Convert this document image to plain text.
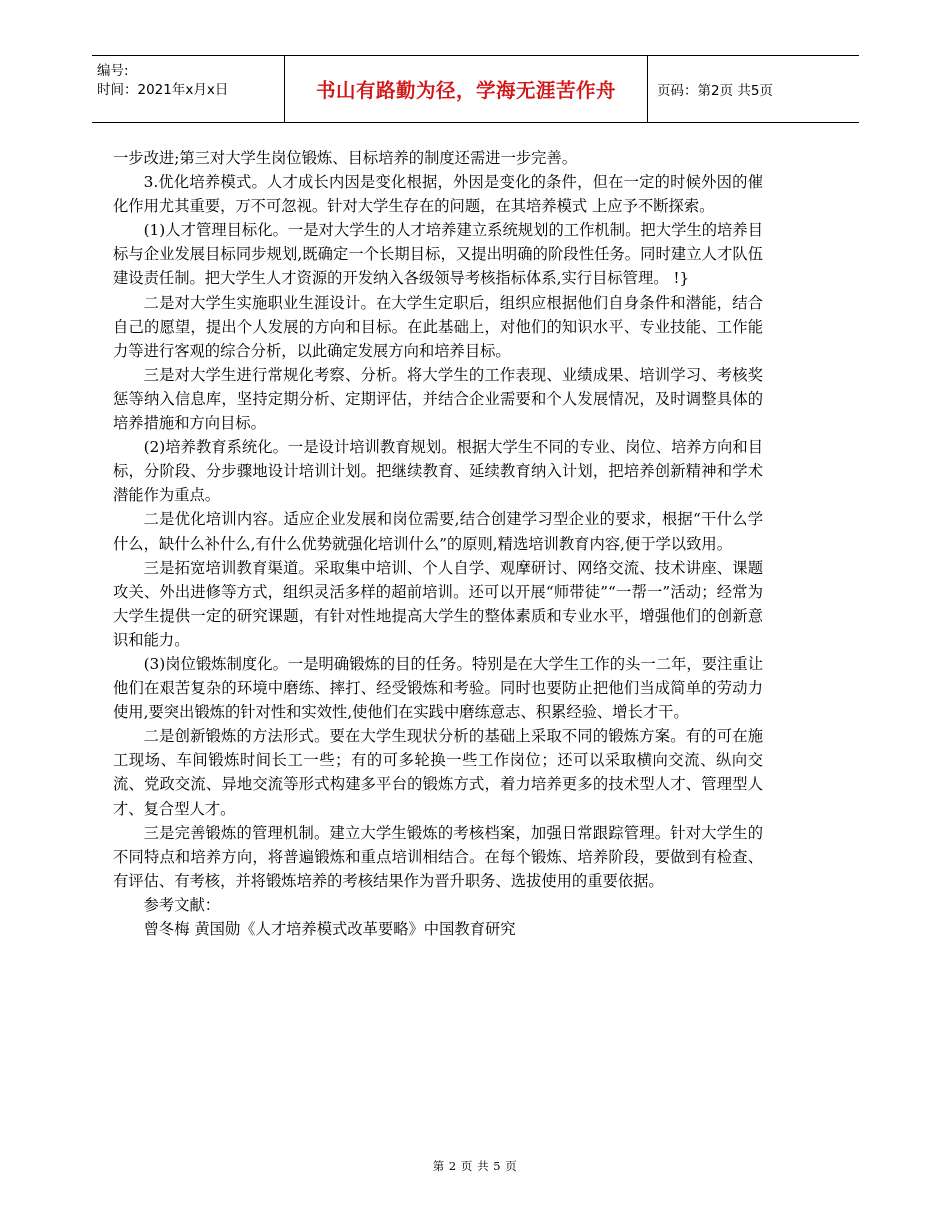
编号:
时间：2021年x月x日	书山有路勤为径，学海无涯苦作舟	页码：第2页 共5页

一步改进;第三对大学生岗位锻炼、目标培养的制度还需进一步完善。

3.优化培养模式。人才成长内因是变化根据，外因是变化的条件，但在一定的时候外因的催化作用尤其重要，万不可忽视。针对大学生存在的问题，在其培养模式 上应予不断探索。

(1)人才管理目标化。一是对大学生的人才培养建立系统规划的工作机制。把大学生的培养目标与企业发展目标同步规划,既确定一个长期目标，又提出明确的阶段性任务。同时建立人才队伍建设责任制。把大学生人才资源的开发纳入各级领导考核指标体系,实行目标管理。 !}

二是对大学生实施职业生涯设计。在大学生定职后，组织应根据他们自身条件和潜能，结合自己的愿望，提出个人发展的方向和目标。在此基础上，对他们的知识水平、专业技能、工作能力等进行客观的综合分析，以此确定发展方向和培养目标。

三是对大学生进行常规化考察、分析。将大学生的工作表现、业绩成果、培训学习、考核奖惩等纳入信息库，坚持定期分析、定期评估，并结合企业需要和个人发展情况，及时调整具体的培养措施和方向目标。

(2)培养教育系统化。一是设计培训教育规划。根据大学生不同的专业、岗位、培养方向和目标，分阶段、分步骤地设计培训计划。把继续教育、延续教育纳入计划，把培养创新精神和学术潜能作为重点。

二是优化培训内容。适应企业发展和岗位需要,结合创建学习型企业的要求，根据“干什么学什么，缺什么补什么,有什么优势就强化培训什么”的原则,精选培训教育内容,便于学以致用。

三是拓宽培训教育渠道。采取集中培训、个人自学、观摩研讨、网络交流、技术讲座、课题攻关、外出进修等方式，组织灵活多样的超前培训。还可以开展“师带徒”“一帮一”活动；经常为大学生提供一定的研究课题，有针对性地提高大学生的整体素质和专业水平，增强他们的创新意识和能力。

(3)岗位锻炼制度化。一是明确锻炼的目的任务。特别是在大学生工作的头一二年，要注重让他们在艰苦复杂的环境中磨练、摔打、经受锻炼和考验。同时也要防止把他们当成简单的劳动力使用,要突出锻炼的针对性和实效性,使他们在实践中磨练意志、积累经验、增长才干。

二是创新锻炼的方法形式。要在大学生现状分析的基础上采取不同的锻炼方案。有的可在施工现场、车间锻炼时间长工一些；有的可多轮换一些工作岗位；还可以采取横向交流、纵向交流、党政交流、异地交流等形式构建多平台的锻炼方式，着力培养更多的技术型人才、管理型人才、复合型人才。

三是完善锻炼的管理机制。建立大学生锻炼的考核档案，加强日常跟踪管理。针对大学生的不同特点和培养方向，将普遍锻炼和重点培训相结合。在每个锻炼、培养阶段，要做到有检查、有评估、有考核，并将锻炼培养的考核结果作为晋升职务、选拔使用的重要依据。

参考文献：

曾冬梅 黄国勋《人才培养模式改革要略》中国教育研究

第 2 页 共 5 页
